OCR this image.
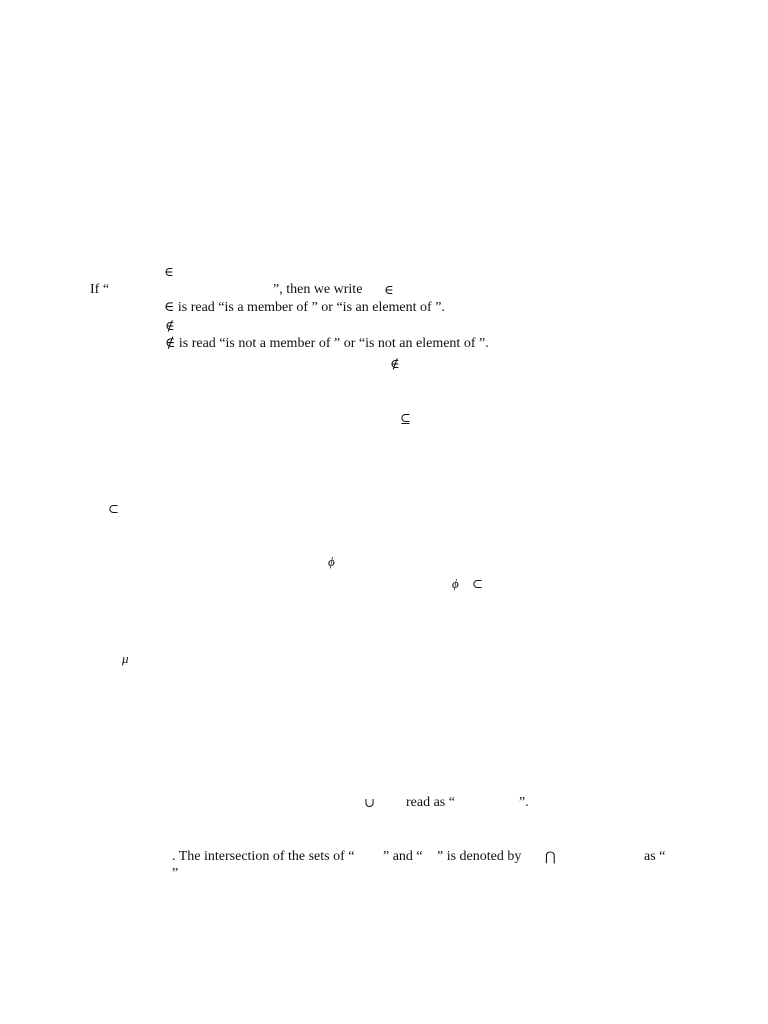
∈
If “	”, then we write ∈
∈ is read “is a member of ” or “is an element of ”.
∉
∉ is read “is not a member of ” or “is not an element of ”.
∉
⊆
⊂
ϕ
ϕ ⊂
μ
∪ read as “	”.
. The intersection of the sets of “ ” and “ ” is denoted by ⋂	as “
”
